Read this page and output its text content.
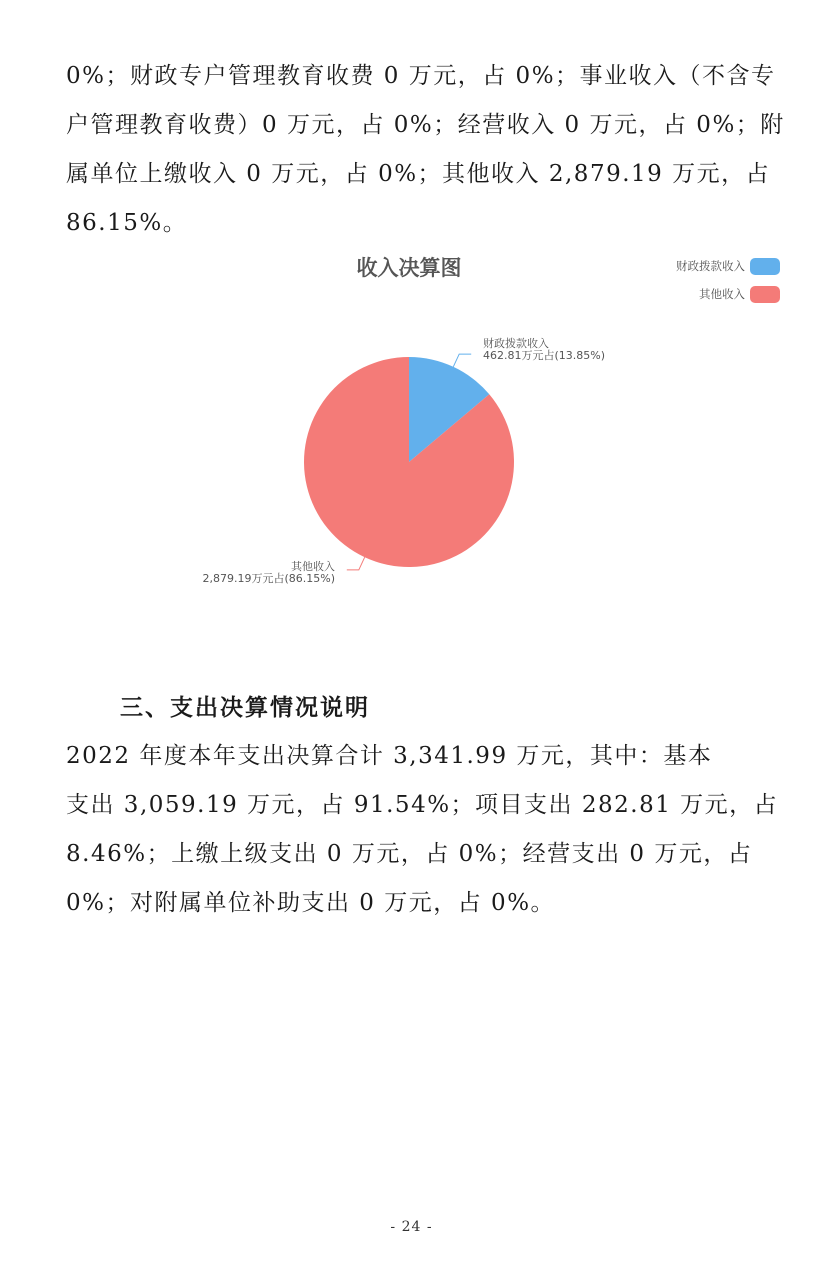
0%；财政专户管理教育收费 0 万元，占 0%；事业收入（不含专
户管理教育收费）0 万元，占 0%；经营收入 0 万元，占 0%；附
属单位上缴收入 0 万元，占 0%；其他收入 2,879.19 万元，占
86.15%。
收入决算图	财政拨款收入
其他收入
财政拨款收入
462.81万元占(13.85%)
其他收入
2,879.19万元占(86.15%)
三、支出决算情况说明
2022 年度本年支出决算合计 3,341.99 万元，其中：基本
支出 3,059.19 万元，占 91.54%；项目支出 282.81 万元，占
8.46%；上缴上级支出 0 万元，占 0%；经营支出 0 万元，占
0%；对附属单位补助支出 0 万元，占 0%。
- 24 -
